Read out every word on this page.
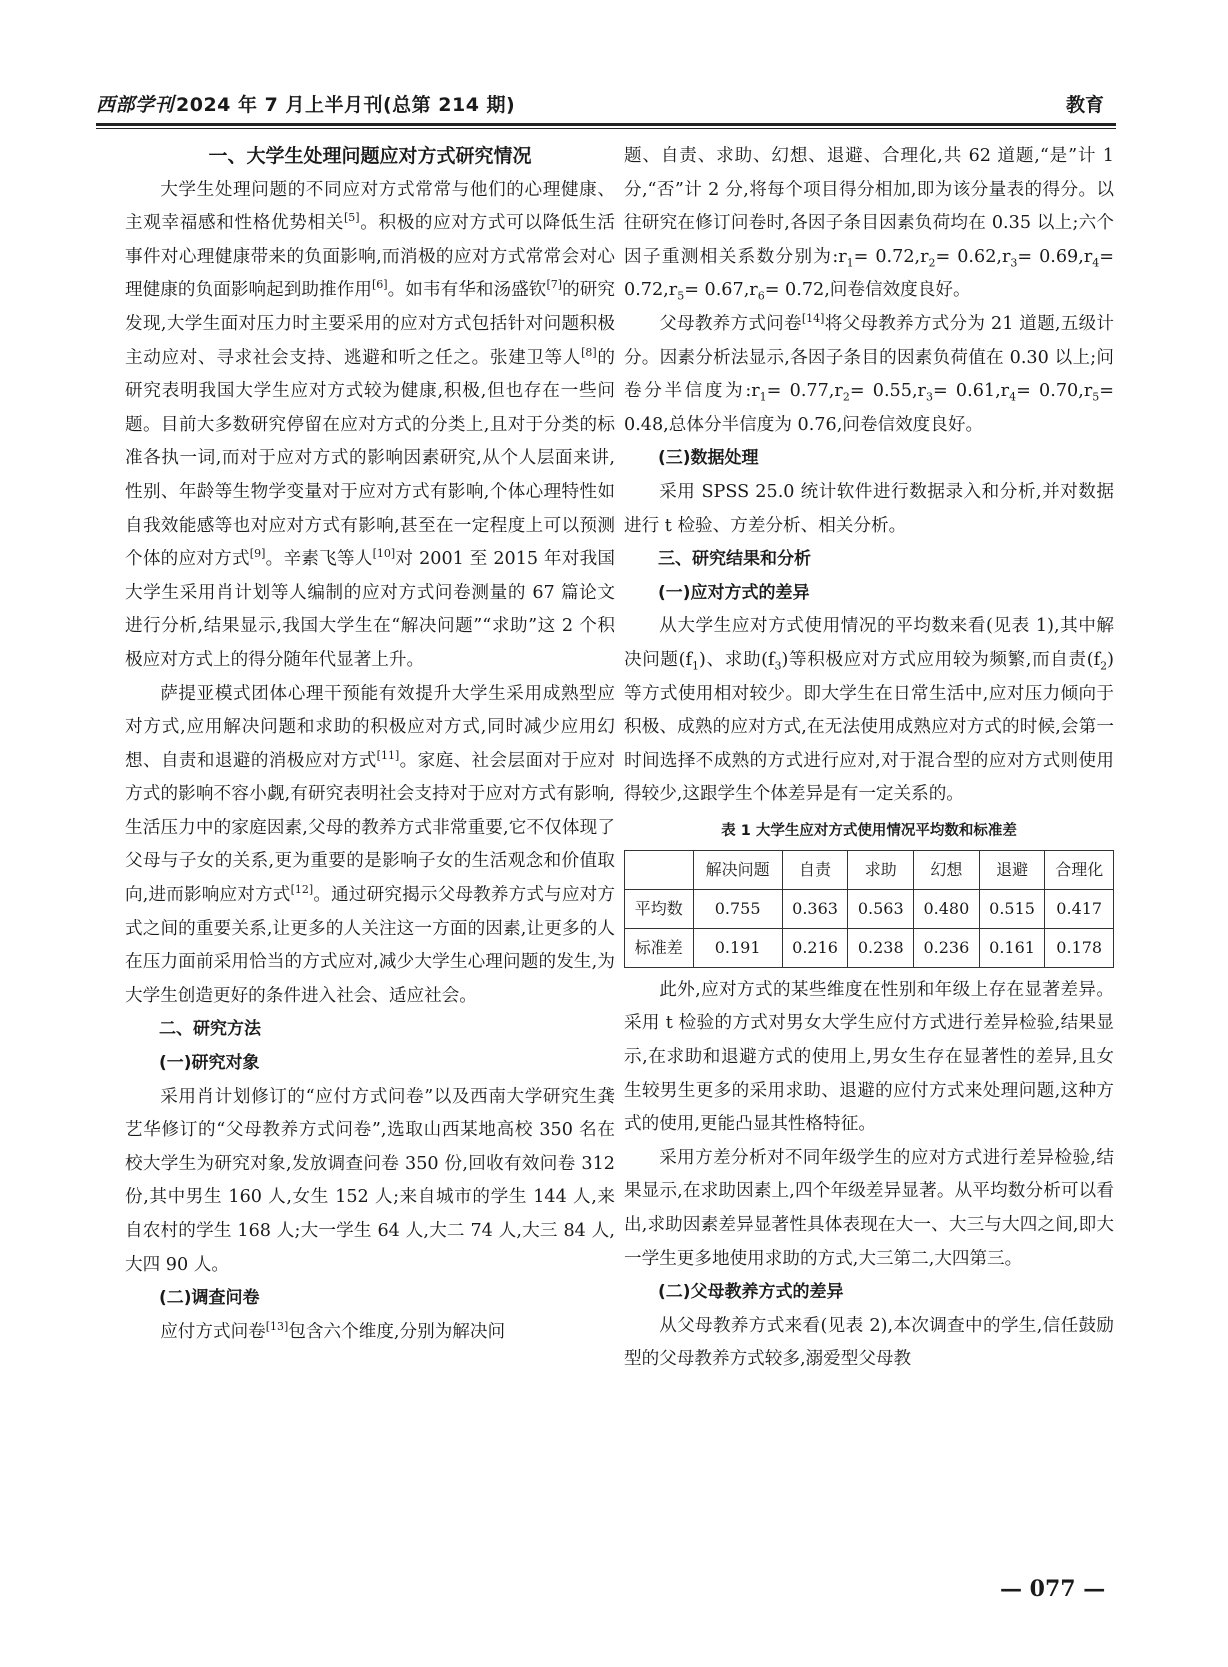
西部学刊 2024 年 7 月上半月刊(总第 214 期)	教育
一、大学生处理问题应对方式研究情况

大学生处理问题的不同应对方式常常与他们的心理健康、主观幸福感和性格优势相关[5]。积极的应对方式可以降低生活事件对心理健康带来的负面影响,而消极的应对方式常常会对心理健康的负面影响起到助推作用[6]。如韦有华和汤盛钦[7]的研究发现,大学生面对压力时主要采用的应对方式包括针对问题积极主动应对、寻求社会支持、逃避和听之任之。张建卫等人[8]的研究表明我国大学生应对方式较为健康,积极,但也存在一些问题。目前大多数研究停留在应对方式的分类上,且对于分类的标准各执一词,而对于应对方式的影响因素研究,从个人层面来讲,性别、年龄等生物学变量对于应对方式有影响,个体心理特性如自我效能感等也对应对方式有影响,甚至在一定程度上可以预测个体的应对方式[9]。辛素飞等人[10]对 2001 至 2015 年对我国大学生采用肖计划等人编制的应对方式问卷测量的 67 篇论文进行分析,结果显示,我国大学生在“解决问题”“求助”这 2 个积极应对方式上的得分随年代显著上升。

萨提亚模式团体心理干预能有效提升大学生采用成熟型应对方式,应用解决问题和求助的积极应对方式,同时减少应用幻想、自责和退避的消极应对方式[11]。家庭、社会层面对于应对方式的影响不容小觑,有研究表明社会支持对于应对方式有影响,生活压力中的家庭因素,父母的教养方式非常重要,它不仅体现了父母与子女的关系,更为重要的是影响子女的生活观念和价值取向,进而影响应对方式[12]。通过研究揭示父母教养方式与应对方式之间的重要关系,让更多的人关注这一方面的因素,让更多的人在压力面前采用恰当的方式应对,减少大学生心理问题的发生,为大学生创造更好的条件进入社会、适应社会。

二、研究方法
(一)研究对象

采用肖计划修订的“应付方式问卷”以及西南大学研究生龚艺华修订的“父母教养方式问卷”,选取山西某地高校 350 名在校大学生为研究对象,发放调查问卷 350 份,回收有效问卷 312 份,其中男生 160 人,女生 152 人;来自城市的学生 144 人,来自农村的学生 168 人;大一学生 64 人,大二 74 人,大三 84 人,大四 90 人。

(二)调查问卷

应付方式问卷[13]包含六个维度,分别为解决问

题、自责、求助、幻想、退避、合理化,共 62 道题,“是”计 1 分,“否”计 2 分,将每个项目得分相加,即为该分量表的得分。以往研究在修订问卷时,各因子条目因素负荷均在 0.35 以上;六个因子重测相关系数分别为$:r_1= 0.72,r_2= 0.62,r_3= 0.69,r_4= 0.72,r_5= 0.67,r_6= 0.72$,问卷信效度良好。

父母教养方式问卷[14]将父母教养方式分为 21 道题,五级计分。因素分析法显示,各因子条目的因素负荷值在 0.30 以上;问卷分半信度为$:r_1= 0.77,r_2= 0.55,r_3= 0.61,r_4= 0.70,r_5= 0.48$,总体分半信度为 0.76,问卷信效度良好。

(三)数据处理

采用 SPSS 25.0 统计软件进行数据录入和分析,并对数据进行 t 检验、方差分析、相关分析。

三、研究结果和分析
(一)应对方式的差异

从大学生应对方式使用情况的平均数来看(见表 1),其中解决问题$(f_1)$、求助$(f_3)$等积极应对方式应用较为频繁,而自责$(f_2)$等方式使用相对较少。即大学生在日常生活中,应对压力倾向于积极、成熟的应对方式,在无法使用成熟应对方式的时候,会第一时间选择不成熟的方式进行应对,对于混合型的应对方式则使用得较少,这跟学生个体差异是有一定关系的。

表 1 大学生应对方式使用情况平均数和标准差
	解决问题	自责	求助	幻想	退避	合理化
平均数	0.755	0.363	0.563	0.480	0.515	0.417
标准差	0.191	0.216	0.238	0.236	0.161	0.178

此外,应对方式的某些维度在性别和年级上存在显著差异。采用 t 检验的方式对男女大学生应付方式进行差异检验,结果显示,在求助和退避方式的使用上,男女生存在显著性的差异,且女生较男生更多的采用求助、退避的应付方式来处理问题,这种方式的使用,更能凸显其性格特征。

采用方差分析对不同年级学生的应对方式进行差异检验,结果显示,在求助因素上,四个年级差异显著。从平均数分析可以看出,求助因素差异显著性具体表现在大一、大三与大四之间,即大一学生更多地使用求助的方式,大三第二,大四第三。

(二)父母教养方式的差异

从父母教养方式来看(见表 2),本次调查中的学生,信任鼓励型的父母教养方式较多,溺爱型父母教

— 077 —
